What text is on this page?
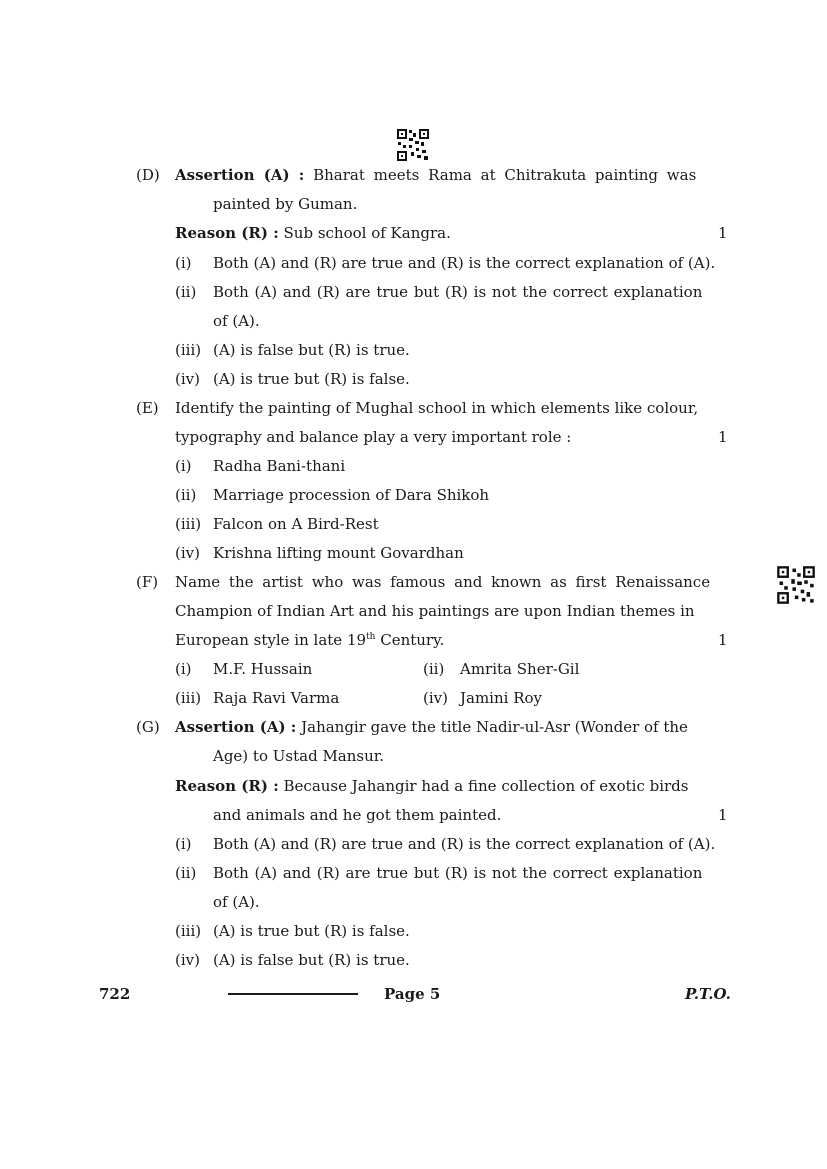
(D) Assertion (A) : Bharat meets Rama at Chitrakuta painting was
painted by Guman.
Reason (R) : Sub school of Kangra.	1
(i) Both (A) and (R) are true and (R) is the correct explanation of (A).
(ii) Both (A) and (R) are true but (R) is not the correct explanation
of (A).
(iii) (A) is false but (R) is true.
(iv) (A) is true but (R) is false.
(E) Identify the painting of Mughal school in which elements like colour,
typography and balance play a very important role :	1
(i) Radha Bani-thani
(ii) Marriage procession of Dara Shikoh
(iii) Falcon on A Bird-Rest
(iv) Krishna lifting mount Govardhan
(F) Name the artist who was famous and known as first Renaissance
Champion of Indian Art and his paintings are upon Indian themes in
European style in late 19th Century.	1
(i) M.F. Hussain	(ii) Amrita Sher-Gil
(iii) Raja Ravi Varma	(iv) Jamini Roy
(G) Assertion (A) : Jahangir gave the title Nadir-ul-Asr (Wonder of the
Age) to Ustad Mansur.
Reason (R) : Because Jahangir had a fine collection of exotic birds
and animals and he got them painted.	1
(i) Both (A) and (R) are true and (R) is the correct explanation of (A).
(ii) Both (A) and (R) are true but (R) is not the correct explanation
of (A).
(iii) (A) is true but (R) is false.
(iv) (A) is false but (R) is true.
722	Page 5	P.T.O.
